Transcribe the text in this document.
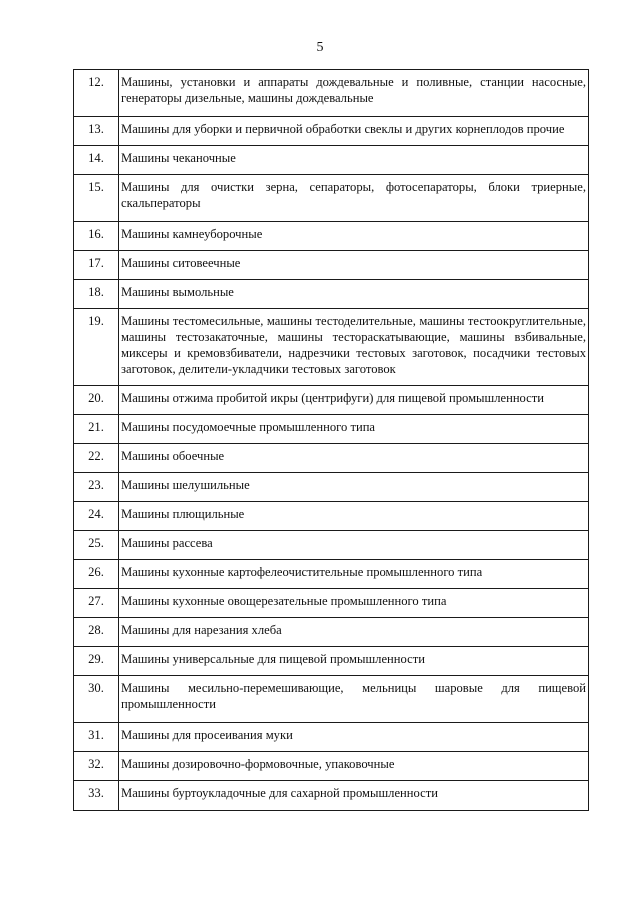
5
12.	Машины, установки и аппараты дождевальные и поливные, станции насосные, генераторы дизельные, машины дождевальные
13.	Машины для уборки и первичной обработки свеклы и других корнеплодов прочие
14.	Машины чеканочные
15.	Машины для очистки зерна, сепараторы, фотосепараторы, блоки триерные, скальператоры
16.	Машины камнеуборочные
17.	Машины ситовеечные
18.	Машины вымольные
19.	Машины тестомесильные, машины тестоделительные, машины тестоокруглительные, машины тестозакаточные, машины тестораскатывающие, машины взбивальные, миксеры и кремовзбиватели, надрезчики тестовых заготовок, посадчики тестовых заготовок, делители-укладчики тестовых заготовок
20.	Машины отжима пробитой икры (центрифуги) для пищевой промышленности
21.	Машины посудомоечные промышленного типа
22.	Машины обоечные
23.	Машины шелушильные
24.	Машины плющильные
25.	Машины рассева
26.	Машины кухонные картофелеочистительные промышленного типа
27.	Машины кухонные овощерезательные промышленного типа
28.	Машины для нарезания хлеба
29.	Машины универсальные для пищевой промышленности
30.	Машины месильно-перемешивающие, мельницы шаровые для пищевой промышленности
31.	Машины для просеивания муки
32.	Машины дозировочно-формовочные, упаковочные
33.	Машины буртоукладочные для сахарной промышленности
